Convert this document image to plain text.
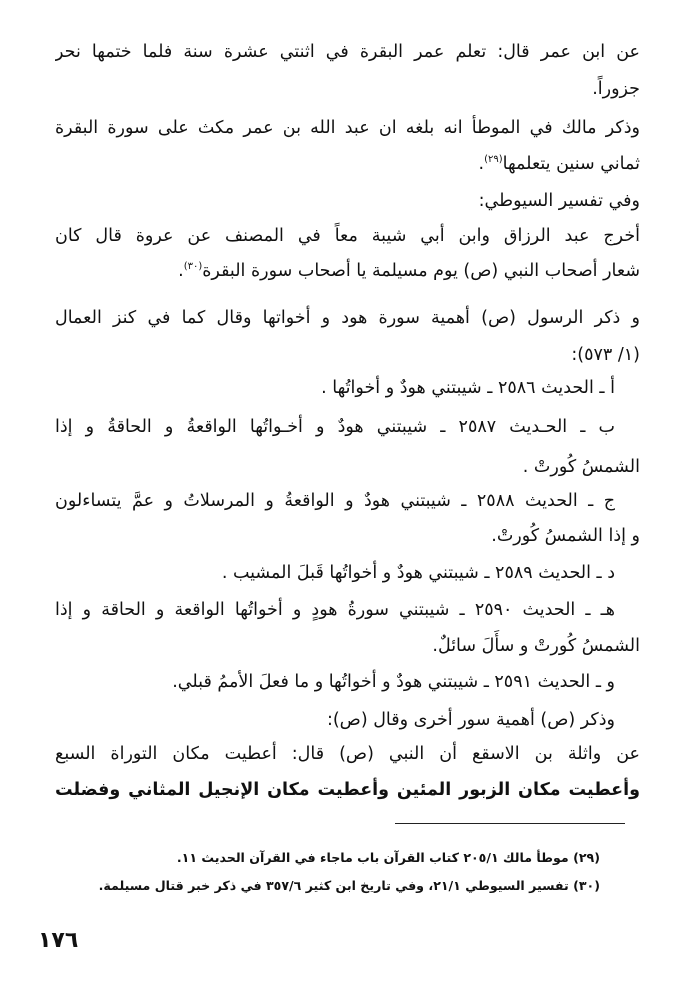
عن ابن عمر قال: تعلم عمر البقرة في اثنتي عشرة سنة فلما ختمها نحر
جزوراً.
وذكر مالك في الموطأ انه بلغه ان عبد الله بن عمر مكث على سورة البقرة
ثماني سنين يتعلمها$^{(٢٩)}$.
وفي تفسير السيوطي:
أخرج عبد الرزاق وابن أبي شيبة معاً في المصنف عن عروة قال كان
شعار أصحاب النبي (ص) يوم مسيلمة يا أصحاب سورة البقرة$^{(٣٠)}$.
و ذكر الرسول (ص) أهمية سورة هود و أخواتها وقال كما في كنز العمال
(١/ ٥٧٣):
أ ـ الحديث ٢٥٨٦ ـ شيبتني هودٌ و أخواتُها .
ب ـ الحـديث ٢٥٨٧ ـ شيبتني هودٌ و أخـواتُها الواقعةُ و الحاقةُ و إذا
الشمسُ كُورتْ .
ج ـ الحديث ٢٥٨٨ ـ شيبتني هودٌ و الواقعةُ و المرسلاتُ و عمَّ يتساءلون
و إذا الشمسُ كُورتْ.
د ـ الحديث ٢٥٨٩ ـ شيبتني هودٌ و أخواتُها قَبلَ المشيب .
هـ ـ الحديث ٢٥٩٠ ـ شيبتني سورةُ هودٍ و أخواتُها الواقعة و الحاقة و إذا
الشمسُ كُورتْ و سأَلَ سائلٌ.
و ـ الحديث ٢٥٩١ ـ شيبتني هودٌ و أخواتُها و ما فعلَ الأممُ قبلي.
وذكر (ص) أهمية سور أخرى وقال (ص):
عن واثلة بن الاسقع أن النبي (ص) قال: أعطيت مكان التوراة السبع
وأعطيت مكان الزبور المئين وأعطيت مكان الإنجيل المثاني وفضلت
(٢٩) موطأ مالك ٢٠٥/١ كتاب القرآن باب ماجاء في القرآن الحديث ١١.
(٣٠) تفسير السيوطي ٢١/١، وفي تاريخ ابن كثير ٣٥٧/٦ في ذكر خبر قتال مسيلمة.
١٧٦
